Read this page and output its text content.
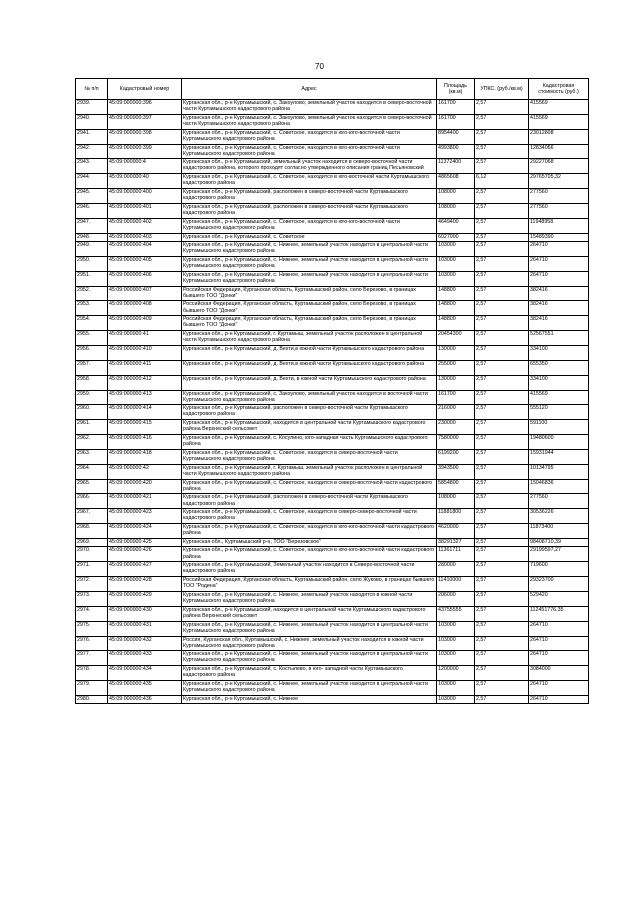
70
№ п/п	Кадастровый номер	Адрес	Площадь (кв.м)	УПКС. (руб./кв.м)	Кадастровая стоимость (руб.)
2939.	45:09:000000:396	Курганская обл., р-н Куртамышский, с. Закоулово, земельный участок находится в северо-восточной части Куртамышского кадастрового района	161700	2,57	415569
2940.	45:09:000000:397	Курганская обл., р-н Куртамышский, с. Закоулово, земельный участок находится в северо-восточной части Куртамышского кадастрового района	161700	2,57	415569
2941.	45:09:000000:398	Курганская обл., р-н Куртамышский, с. Советское, находится в юго-юго-восточной части Куртамышского кадастрового района	8954400	2,57	23012808
2942.	45:09:000000:399	Курганская обл., р-н Куртамышский, с. Советское, находится в юго-юго-восточной части Куртамышского кадастрового района	4993800	2,57	12834066
2943.	45:09:000000:4	Курганская обл., р-н Куртамышский, земельный участок находится в северо-восточной части кадастрового района, которого проходят согласно утвержденного описания границ Песьяновский	11372400	2,57	29227068
2944.	45:09:000000:40	Курганская обл., р-н Куртамышский, с. Советское, находится в юго-восточной части Куртамышского кадастрового района	4865608	6,12	29765705,32
2945.	45:09:000000:400	Курганская обл., р-н Куртамышский, расположен в северо-восточной части Куртамышского кадастрового района	108000	2,57	277560
2946.	45:09:000000:401	Курганская обл., р-н Куртамышский, расположен в северо-восточной части Куртамышского кадастрового района	108000	2,57	277560
2947.	45:09:000000:402	Курганская обл., р-н Куртамышский, с. Советское, находится в юго-юго-восточной части Куртамышского кадастрового района	4649400	2,57	11948958
2948.	45:09:000000:403	Курганская обл., р-н Куртамышский, с. Советское	6027000	2,57	15489390
2949.	45:09:000000:404	Курганская обл., р-н Куртамышский, с. Нижнее, земельный участок находится в центральной части Куртамышского кадастрового района	103000	2,57	264710
2950.	45:09:000000:405	Курганская обл., р-н Куртамышский, с. Нижнее, земельный участок находится в центральной части Куртамышского кадастрового района	103000	2,57	264710
2951.	45:09:000000:406	Курганская обл., р-н Куртамышский, с. Нижнее, земельный участок находится в центральной части Куртамышского кадастрового района	103000	2,57	264710
2952.	45:09:000000:407	Российская Федерация, Курганская область, Куртамышский район, село Березово, в границах бывшего ТОО "Донки"	148800	2,57	382416
2953.	45:09:000000:408	Российская Федерация, Курганская область, Куртамышский район, село Березово, в границах бывшего ТОО "Донки"	148800	2,57	382416
2954.	45:09:000000:409	Российская Федерация, Курганская область, Куртамышский район, село Березово, в границах бывшего ТОО "Донки"	148800	2,57	382416
2955.	45:09:000000:41	Курганская обл., р-н Куртамышский, г. Куртамыш, земельный участок расположен в центральной части Куртамышского кадастрового района	20454300	2,57	52567551
2956.	45:09:000000:410	Курганская обл., р-н Куртамышский, д. Вехти,в южной части Куртамышского кадастрового района	130000	2,57	334100
2957.	45:09:000000:411	Курганская обл., р-н Куртамышский, д. Вехти,в южной части Куртамышского кадастрового района	255000	2,57	655350
2958.	45:09:000000:412	Курганская обл., р-н Куртамышский, д. Вехти, в южной части Куртамышского кадастрового района	130000	2,57	334100
2959.	45:09:000000:413	Курганская обл., р-н Куртамышский, с. Закоулово, земельный участок находится в восточной части Куртамышского кадастрового района	161700	2,57	415569
2960.	45:09:000000:414	Курганская обл., р-н Куртамышский, расположен в северо-восточной части Куртамышского кадастрового района	216000	2,57	555120
2961.	45:09:000000:415	Курганская обл., р-н Куртамышский, находится в центральной части Куртамышского кадастрового района Верхнеский сельсовет	230000	2,57	591100
2962.	45:09:000000:416	Курганская обл., р-н Куртамышский, с. Косулино, юго-западная часть Куртамышского кадастрового района	7580000	2,57	19480600
2963.	45:09:000000:418	Курганская обл., р-н Куртамышский, с. Советское, находится в северо-восточной части Куртамышского кадастрового района	6199200	2,57	15931944
2964.	45:09:000000:42	Курганская обл., р-н Куртамышский, г. Куртамыш, земельный участок расположен в центральной части Куртамышского кадастрового района	3943500	2,57	10134795
2965.	45:09:000000:420	Курганская обл., р-н Куртамышский, с. Советское, находится в северо-восточной части кадастрового района	5854800	2,57	15046836
2966.	45:09:000000:421	Курганская обл., р-н Куртамышский, расположен в северо-восточной части Куртамышского кадастрового района	108000	2,57	277560
2967.	45:09:000000:423	Курганская обл., р-н Куртамышский, с. Советское, находится в северо-северо-восточной части кадастрового района	11881800	2,57	30536226
2968.	45:09:000000:424	Курганская обл., р-н Куртамышский, с. Советское, находится в юго-юго-восточной части кадастрового района	4620000	2,57	11873400
2969.	45:09:000000:425	Курганская обл., Куртамышский р-н, ТОО "Березовское"	38291327	2,57	98408710,39
2970.	45:09:000000:426	Курганская обл., р-н Куртамышский, с. Советское, находится в юго-юго-восточной части кадастрового района	11361711	2,57	29199597,27
2971.	45:09:000000:427	Курганская обл., р-н Куртамышский, Земельный участок находится в Северо-восточной части кадастрового района	280000	2,57	719600
2972.	45:09:000000:428	Российская Федерация, Курганская область, Куртамышский район, село Жуково, в границах бывшего ТОО "Родина"	11410000	2,57	29323700
2973.	45:09:000000:429	Курганская обл., р-н Куртамышский, с. Нижнее, земельный участок находятся в южной части Куртамышского кадастрового района	206000	2,57	529420
2974.	45:09:000000:430	Курганская обл., р-н Куртамышский, находится в центральной части Куртамышского кадастрового района Верхнеский сельсовет	43755555	2,57	112451776,35
2975.	45:09:000000:431	Курганская обл., р-н Куртамышский, с. Нижнее, земельный участок находится в центральной части Куртамышского кадастрового района	103000	2,57	264710
2976.	45:09:000000:432	Россия, Курганская обл., Куртамышский, с. Нижнее, земельный участок находится в южной части Куртамышского кадастрового района	103000	2,57	264710
2977.	45:09:000000:433	Курганская обл., р-н Куртамышский, с. Нижнее, земельный участок находится в центральной части Куртамышского кадастрового района	103000	2,57	264710
2978.	45:09:000000:434	Курганская обл., р-н Куртамышский, с. Костылево, в юго- западной части Куртамышского кадастрового района	1200000	2,57	3084000
2979.	45:09:000000:435	Курганская обл., р-н Куртамышский, с. Нижнее, земельный участок находится в центральной части Куртамышского кадастрового района	103000	2,57	264710
2980.	45:09:000000:436	Курганская обл., р-н Куртамышский, с. Нижнее	103000	2,57	264710
